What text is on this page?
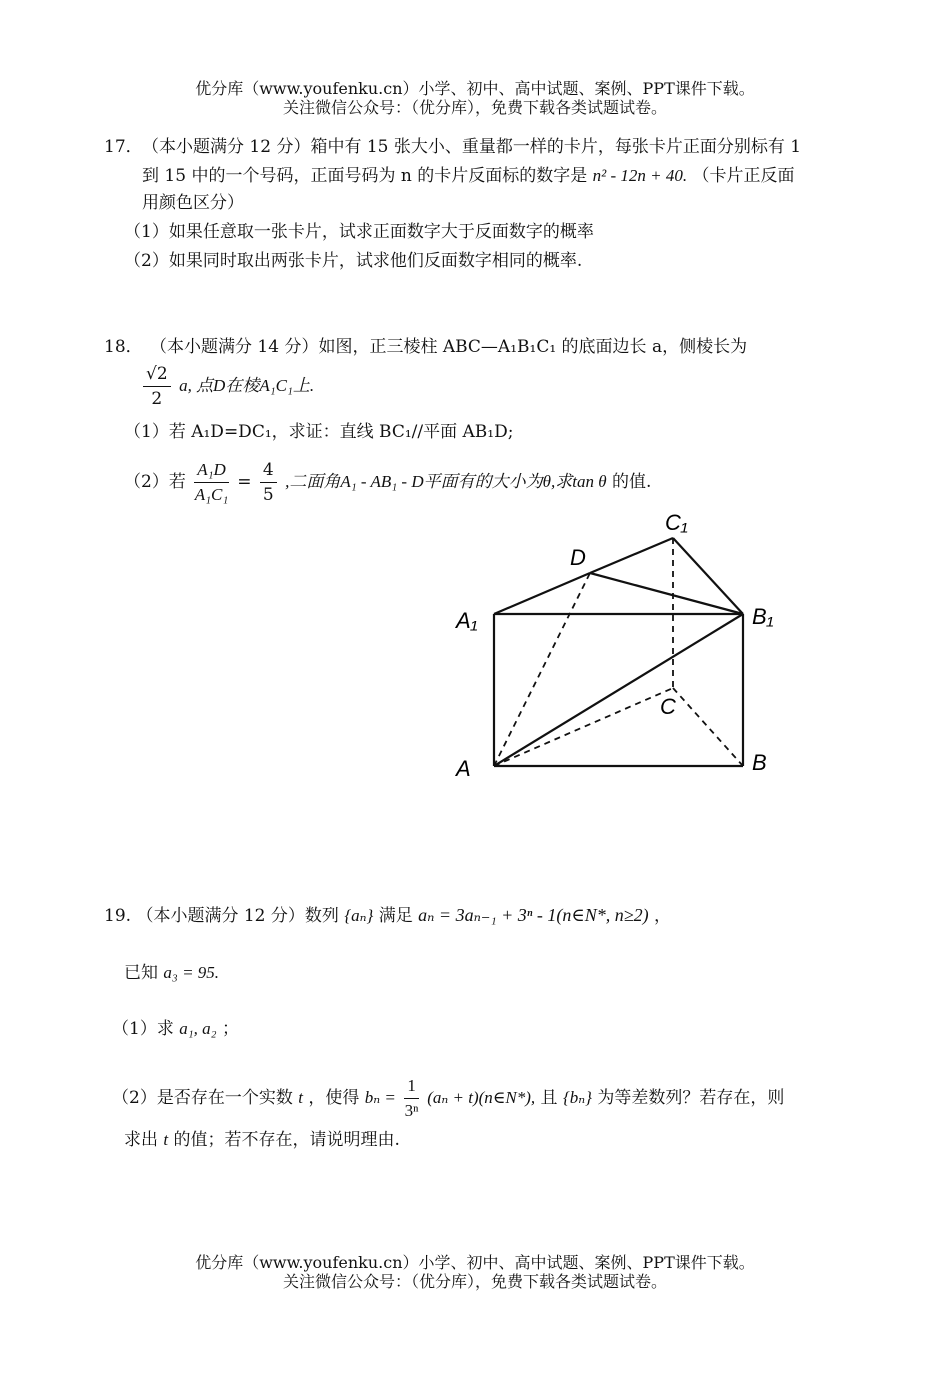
优分库（www.youfenku.cn）小学、初中、高中试题、案例、PPT课件下载。
关注微信公众号：（优分库），免费下载各类试题试卷。
17． （本小题满分 12 分）箱中有 15 张大小、重量都一样的卡片，每张卡片正面分别标有 1
到 15 中的一个号码，正面号码为 n 的卡片反面标的数字是 n² - 12n + 40. （卡片正反面
用颜色区分）
（1）如果任意取一张卡片，试求正面数字大于反面数字的概率
（2）如果同时取出两张卡片，试求他们反面数字相同的概率.
18． （本小题满分 14 分）如图，正三棱柱 ABC—A₁B₁C₁ 的底面边长 a，侧棱长为
$\frac{√2}{2} a$, 点D在棱A₁C₁上.
（1）若 A₁D=DC₁，求证：直线 BC₁//平面 AB₁D;
（2）若 $\frac{\text{A₁D}}{\text{A₁C₁}} = \frac{4}{5}$ ,二面角A₁ - AB₁ - D平面有的大小为θ,求tan θ 的值.
C₁
D
A₁	B₁
C
A	B
19. （本小题满分 12 分）数列 {aₙ} 满足 aₙ = 3aₙ₋₁ + 3ⁿ - 1(n∈N*, n≥2) ，
已知 a₃ = 95.
（1）求 a₁, a₂ ；
（2）是否存在一个实数 t ，使得 $b_n = \frac{1}{\text{3ⁿ}} (a_n$ + t)(n∈N*), 且 {bₙ} 为等差数列？若存在，则
求出 t 的值；若不存在，请说明理由.
优分库（www.youfenku.cn）小学、初中、高中试题、案例、PPT课件下载。
关注微信公众号：（优分库），免费下载各类试题试卷。
